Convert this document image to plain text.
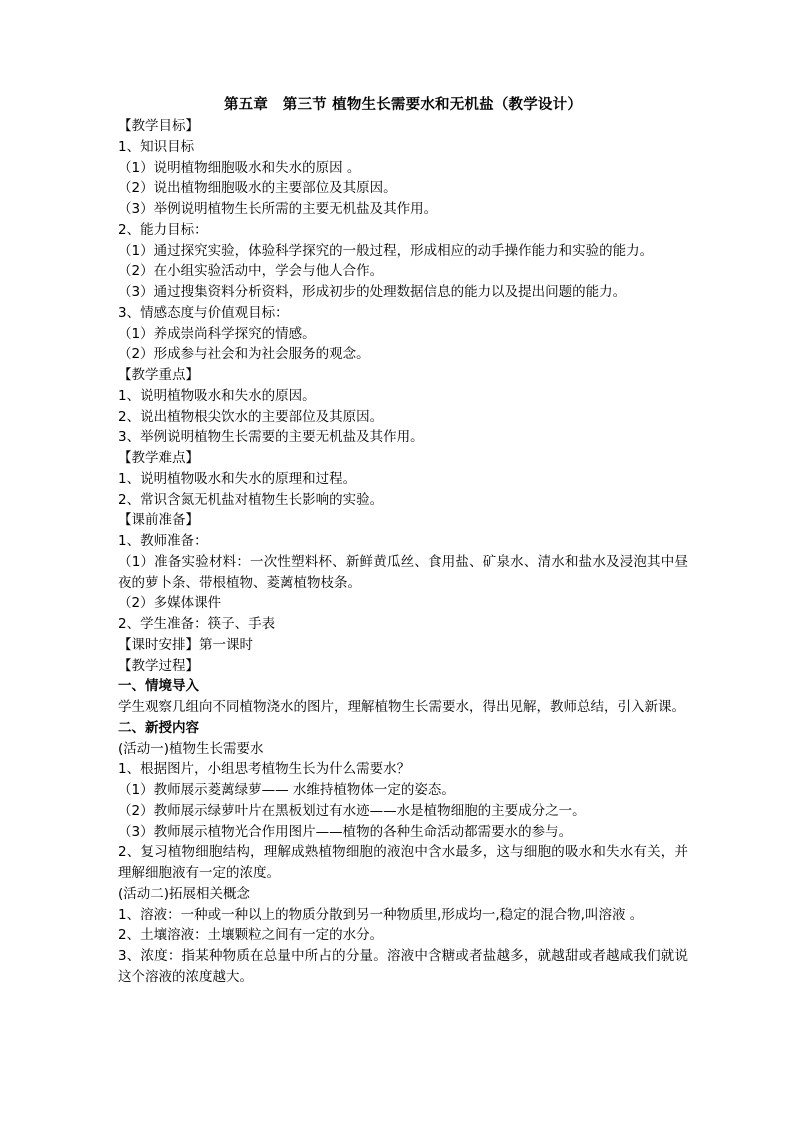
第五章　第三节 植物生长需要水和无机盐（教学设计）
【教学目标】
1、知识目标
（1）说明植物细胞吸水和失水的原因 。
（2）说出植物细胞吸水的主要部位及其原因。
（3）举例说明植物生长所需的主要无机盐及其作用。
2、能力目标：
（1）通过探究实验，体验科学探究的一般过程，形成相应的动手操作能力和实验的能力。
（2）在小组实验活动中，学会与他人合作。
（3）通过搜集资料分析资料，形成初步的处理数据信息的能力以及提出问题的能力。
3、情感态度与价值观目标：
（1）养成崇尚科学探究的情感。
（2）形成参与社会和为社会服务的观念。
【教学重点】
1、说明植物吸水和失水的原因。
2、说出植物根尖饮水的主要部位及其原因。
3、举例说明植物生长需要的主要无机盐及其作用。
【教学难点】
1、说明植物吸水和失水的原理和过程。
2、常识含氮无机盐对植物生长影响的实验。
【课前准备】
1、教师准备：
（1）准备实验材料：一次性塑料杯、新鲜黄瓜丝、食用盐、矿泉水、清水和盐水及浸泡其中昼夜的萝卜条、带根植物、菱蓠植物枝条。
（2）多媒体课件
2、学生准备：筷子、手表
【课时安排】第一课时
【教学过程】
一、情境导入
学生观察几组向不同植物浇水的图片，理解植物生长需要水，得出见解，教师总结，引入新课。
二、新授内容
(活动一)植物生长需要水
1、根据图片，小组思考植物生长为什么需要水？
（1）教师展示菱蓠绿萝—— 水维持植物体一定的姿态。
（2）教师展示绿萝叶片在黑板划过有水迹——水是植物细胞的主要成分之一。
（3）教师展示植物光合作用图片——植物的各种生命活动都需要水的参与。
2、复习植物细胞结构，理解成熟植物细胞的液泡中含水最多，这与细胞的吸水和失水有关，并理解细胞液有一定的浓度。
(活动二)拓展相关概念
1、溶液：一种或一种以上的物质分散到另一种物质里,形成均一,稳定的混合物,叫溶液 。
2、土壤溶液：土壤颗粒之间有一定的水分。
3、浓度：指某种物质在总量中所占的分量。溶液中含糖或者盐越多，就越甜或者越咸我们就说这个溶液的浓度越大。
